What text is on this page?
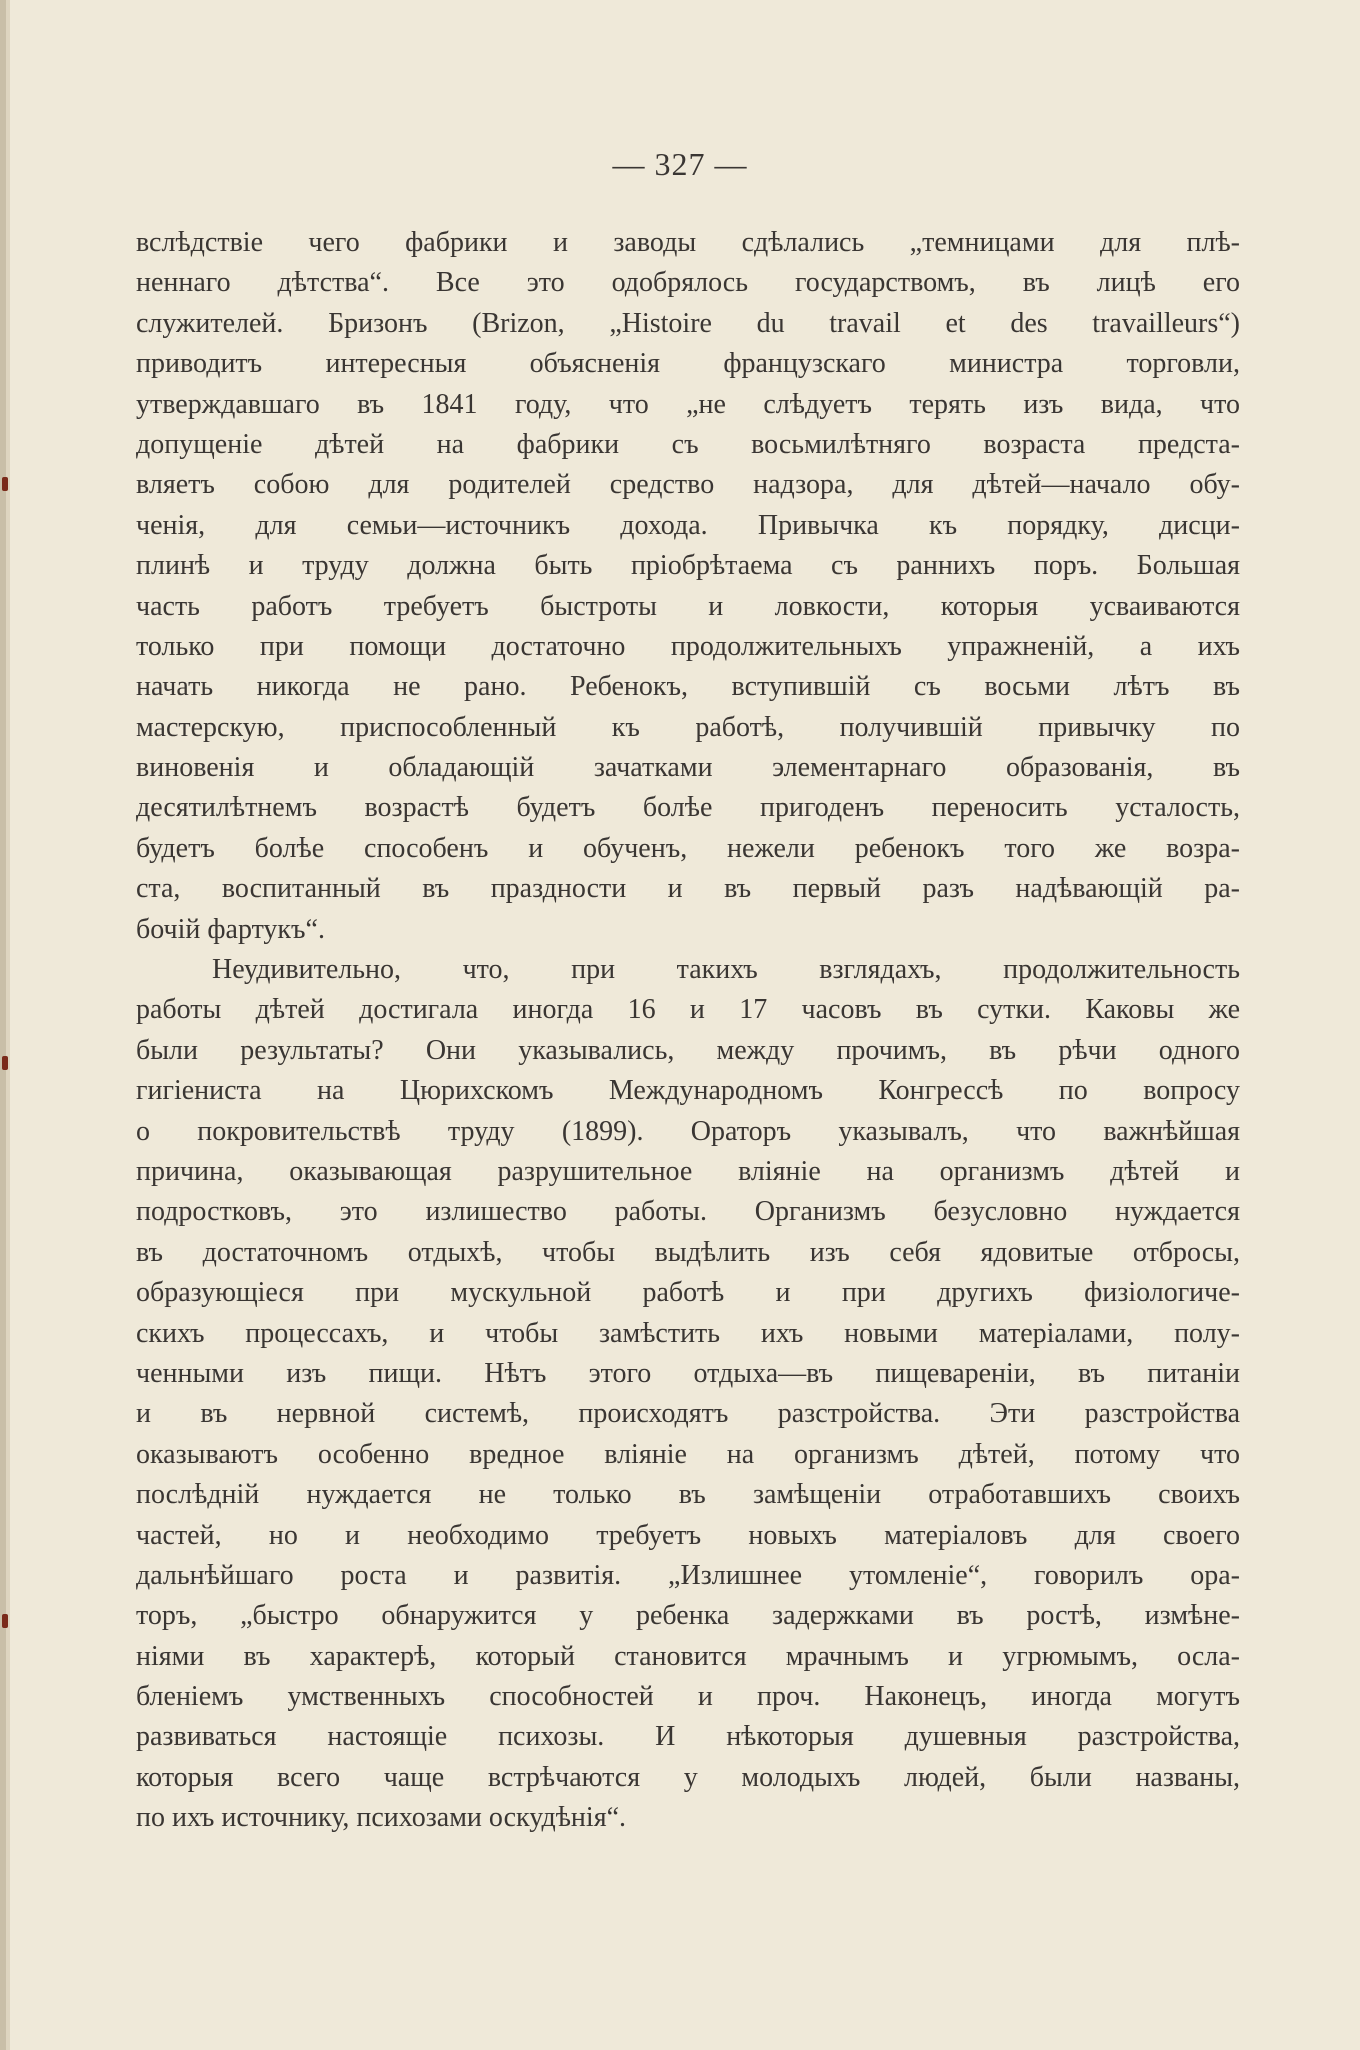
— 327 —
вслѣдствіе чего фабрики и заводы сдѣлались „темницами для плѣ-
неннаго дѣтства“. Все это одобрялось государствомъ, въ лицѣ его
служителей. Бризонъ (Brizon, „Histoire du travail et des travailleurs“)
приводитъ интересныя объясненія французскаго министра торговли,
утверждавшаго въ 1841 году, что „не слѣдуетъ терять изъ вида, что
допущеніе дѣтей на фабрики съ восьмилѣтняго возраста предста-
вляетъ собою для родителей средство надзора, для дѣтей—начало обу-
ченія, для семьи—источникъ дохода. Привычка къ порядку, дисци-
плинѣ и труду должна быть пріобрѣтаема съ раннихъ поръ. Большая
часть работъ требуетъ быстроты и ловкости, которыя усваиваются
только при помощи достаточно продолжительныхъ упражненій, а ихъ
начать никогда не рано. Ребенокъ, вступившій съ восьми лѣтъ въ
мастерскую, приспособленный къ работѣ, получившій привычку по
виновенія и обладающій зачатками элементарнаго образованія, въ
десятилѣтнемъ возрастѣ будетъ болѣе пригоденъ переносить усталость,
будетъ болѣе способенъ и обученъ, нежели ребенокъ того же возра-
ста, воспитанный въ праздности и въ первый разъ надѣвающій ра-
бочій фартукъ“.
Неудивительно, что, при такихъ взглядахъ, продолжительность
работы дѣтей достигала иногда 16 и 17 часовъ въ сутки. Каковы же
были результаты? Они указывались, между прочимъ, въ рѣчи одного
гигіениста на Цюрихскомъ Международномъ Конгрессѣ по вопросу
о покровительствѣ труду (1899). Ораторъ указывалъ, что важнѣйшая
причина, оказывающая разрушительное вліяніе на организмъ дѣтей и
подростковъ, это излишество работы. Организмъ безусловно нуждается
въ достаточномъ отдыхѣ, чтобы выдѣлить изъ себя ядовитые отбросы,
образующіеся при мускульной работѣ и при другихъ физіологиче-
скихъ процессахъ, и чтобы замѣстить ихъ новыми матеріалами, полу-
ченными изъ пищи. Нѣтъ этого отдыха—въ пищевареніи, въ питаніи
и въ нервной системѣ, происходятъ разстройства. Эти разстройства
оказываютъ особенно вредное вліяніе на организмъ дѣтей, потому что
послѣдній нуждается не только въ замѣщеніи отработавшихъ своихъ
частей, но и необходимо требуетъ новыхъ матеріаловъ для своего
дальнѣйшаго роста и развитія. „Излишнее утомленіе“, говорилъ ора-
торъ, „быстро обнаружится у ребенка задержками въ ростѣ, измѣне-
ніями въ характерѣ, который становится мрачнымъ и угрюмымъ, осла-
бленіемъ умственныхъ способностей и проч. Наконецъ, иногда могутъ
развиваться настоящіе психозы. И нѣкоторыя душевныя разстройства,
которыя всего чаще встрѣчаются у молодыхъ людей, были названы,
по ихъ источнику, психозами оскудѣнія“.
